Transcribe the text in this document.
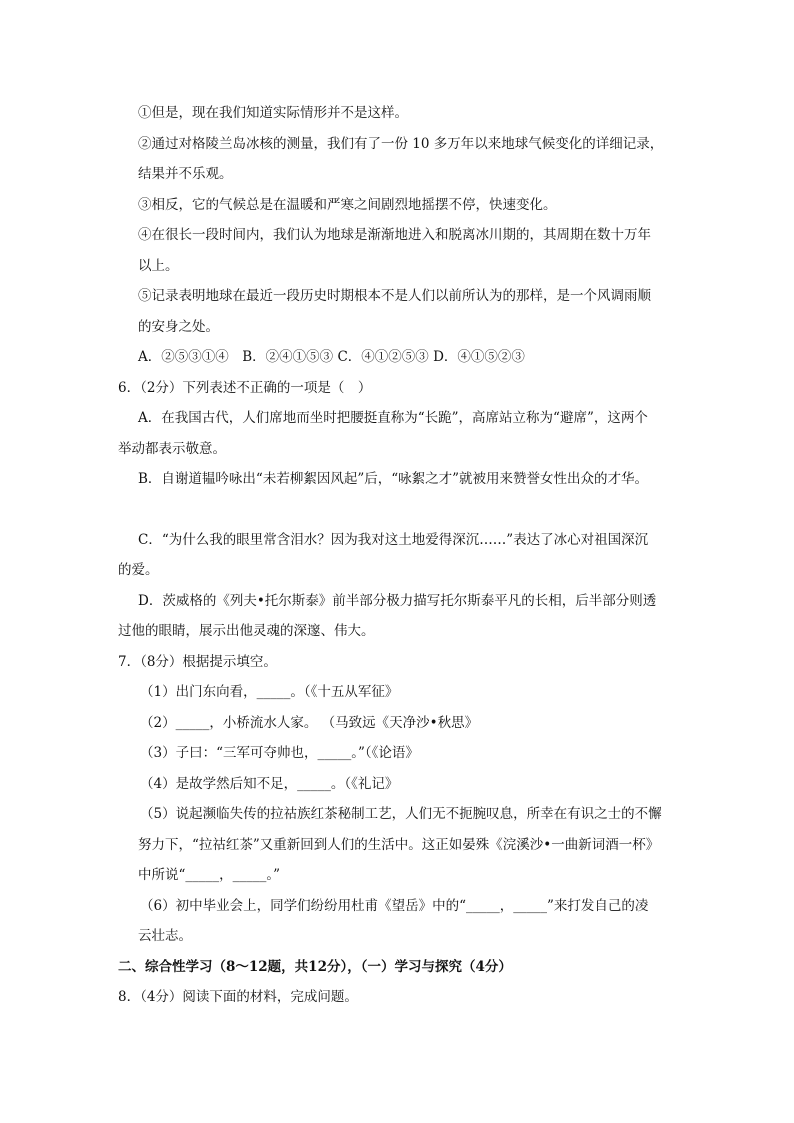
①但是，现在我们知道实际情形并不是这样。

②通过对格陵兰岛冰核的测量，我们有了一份 10 多万年以来地球气候变化的详细记录，

结果并不乐观。

③相反，它的气候总是在温暖和严寒之间剧烈地摇摆不停，快速变化。

④在很长一段时间内，我们认为地球是渐渐地进入和脱离冰川期的，其周期在数十万年

以上。

⑤记录表明地球在最近一段历史时期根本不是人们以前所认为的那样，是一个风调雨顺

的安身之处。

A．②⑤③①④　B．②④①⑤③ C．④①②⑤③ D．④①⑤②③

6．（2分）下列表述不正确的一项是（　）

A．在我国古代，人们席地而坐时把腰挺直称为“长跪”，高席站立称为“避席”，这两个

举动都表示敬意。

B．自谢道韫吟咏出“未若柳絮因风起”后，“咏絮之才”就被用来赞誉女性出众的才华。

C．“为什么我的眼里常含泪水？因为我对这土地爱得深沉……”表达了冰心对祖国深沉

的爱。

D．茨威格的《列夫•托尔斯泰》前半部分极力描写托尔斯泰平凡的长相，后半部分则透

过他的眼睛，展示出他灵魂的深邃、伟大。

7．（8分）根据提示填空。

（1）出门东向看，_____。（《十五从军征》

（2）_____，小桥流水人家。 （马致远《天净沙•秋思》

（3）子曰：“三军可夺帅也，_____。”（《论语》

（4）是故学然后知不足，_____。（《礼记》

（5）说起濒临失传的拉祜族红茶秘制工艺，人们无不扼腕叹息，所幸在有识之士的不懈

努力下，“拉祜红茶”又重新回到人们的生活中。这正如晏殊《浣溪沙•一曲新词酒一杯》

中所说“_____，_____。”

（6）初中毕业会上，同学们纷纷用杜甫《望岳》中的“_____，_____”来打发自己的凌

云壮志。

二、综合性学习（8～12题，共12分），（一）学习与探究（4分）

8．（4分）阅读下面的材料，完成问题。
